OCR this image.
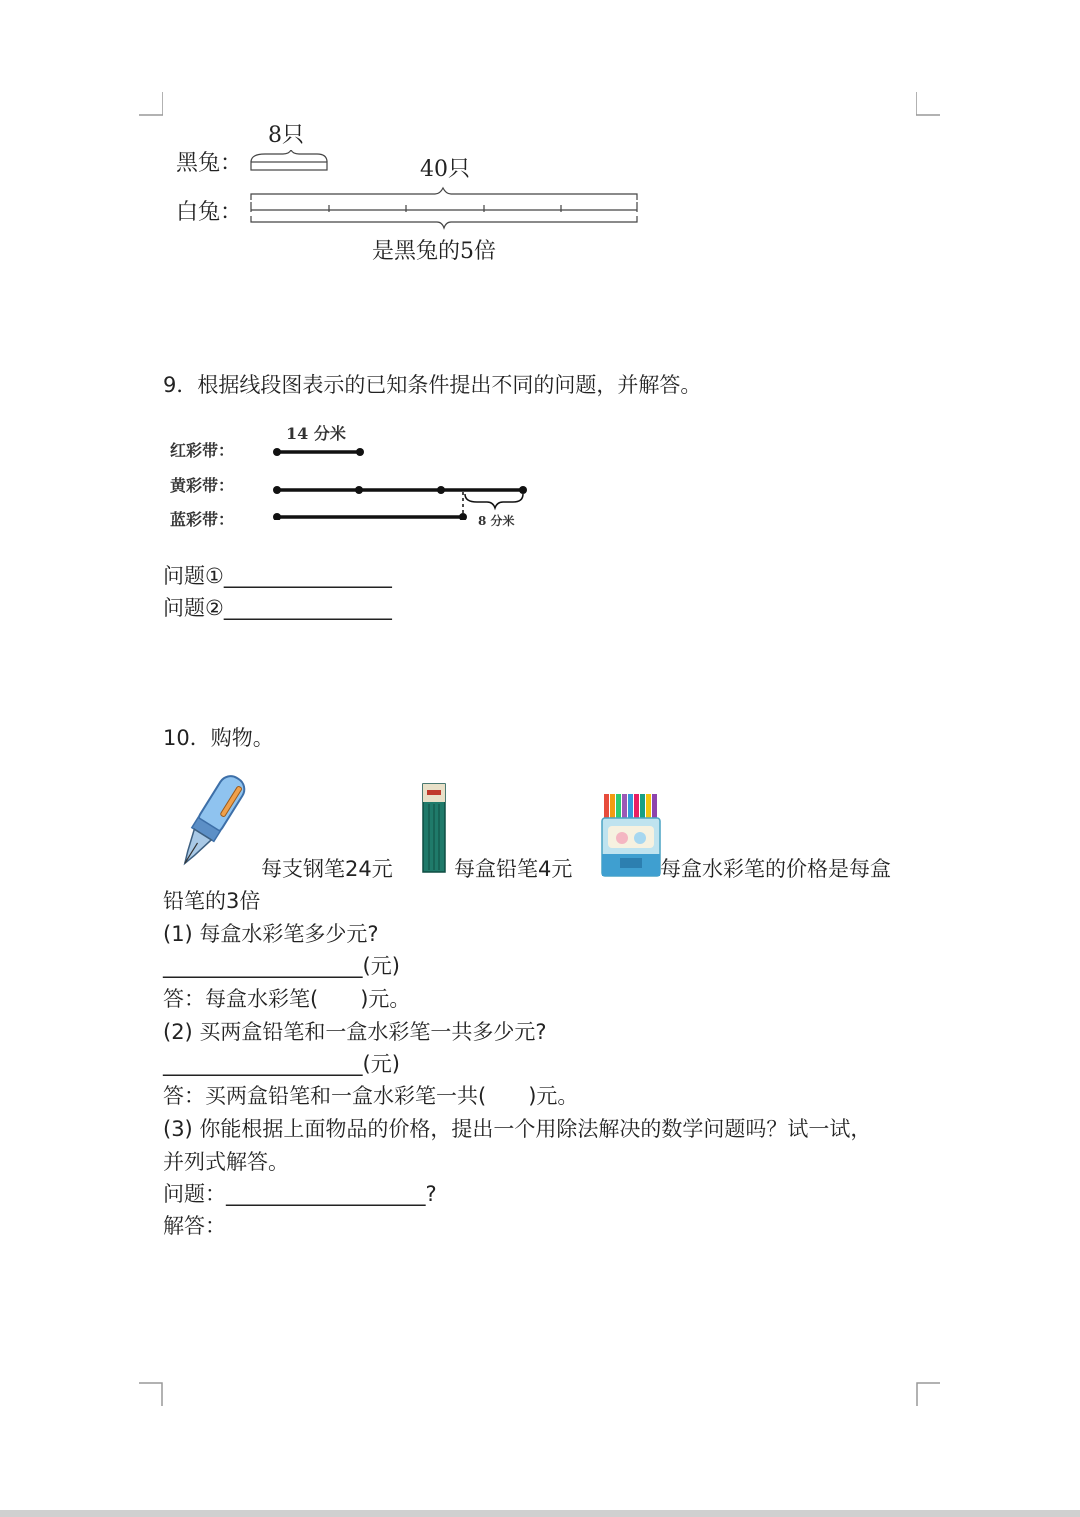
黑兔：
白兔：
8只
40只
是黑兔的5倍
9．根据线段图表示的已知条件提出不同的问题，并解答。
红彩带：
黄彩带：
蓝彩带：
14 分米
8 分米
问题①________________
问题②________________
10．购物。
每支钢笔24元	每盒铅笔4元	每盒水彩笔的价格是每盒
铅笔的3倍
(1) 每盒水彩笔多少元?
___________________(元)
答：每盒水彩笔(　　)元。
(2) 买两盒铅笔和一盒水彩笔一共多少元?
___________________(元)
答：买两盒铅笔和一盒水彩笔一共(　　)元。
(3) 你能根据上面物品的价格，提出一个用除法解决的数学问题吗？试一试，
并列式解答。
问题：___________________?
解答：
